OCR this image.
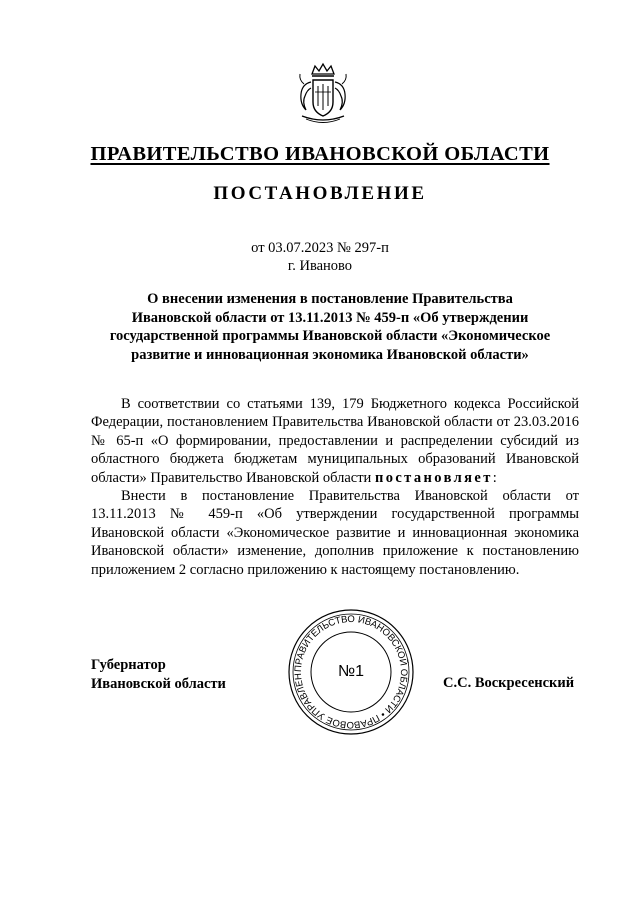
ПРАВИТЕЛЬСТВО ИВАНОВСКОЙ ОБЛАСТИ
ПОСТАНОВЛЕНИЕ
от 03.07.2023 № 297-п
г. Иваново
О внесении изменения в постановление Правительства
Ивановской области от 13.11.2013 № 459-п «Об утверждении
государственной программы Ивановской области «Экономическое
развитие и инновационная экономика Ивановской области»

В соответствии со статьями 139, 179 Бюджетного кодекса Российской Федерации, постановлением Правительства Ивановской области от 23.03.2016 № 65-п «О формировании, предоставлении и распределении субсидий из областного бюджета бюджетам муниципальных образований Ивановской области» Правительство Ивановской области постановляет:

Внести в постановление Правительства Ивановской области от 13.11.2013 № 459-п «Об утверждении государственной программы Ивановской области «Экономическое развитие и инновационная экономика Ивановской области» изменение, дополнив приложение к постановлению приложением 2 согласно приложению к настоящему постановлению.

Губернатор
Ивановской области
ПРАВИТЕЛЬСТВО ИВАНОВСКОЙ ОБЛАСТИ • ПРАВОВОЕ УПРАВЛЕН	№1
С.С. Воскресенский
